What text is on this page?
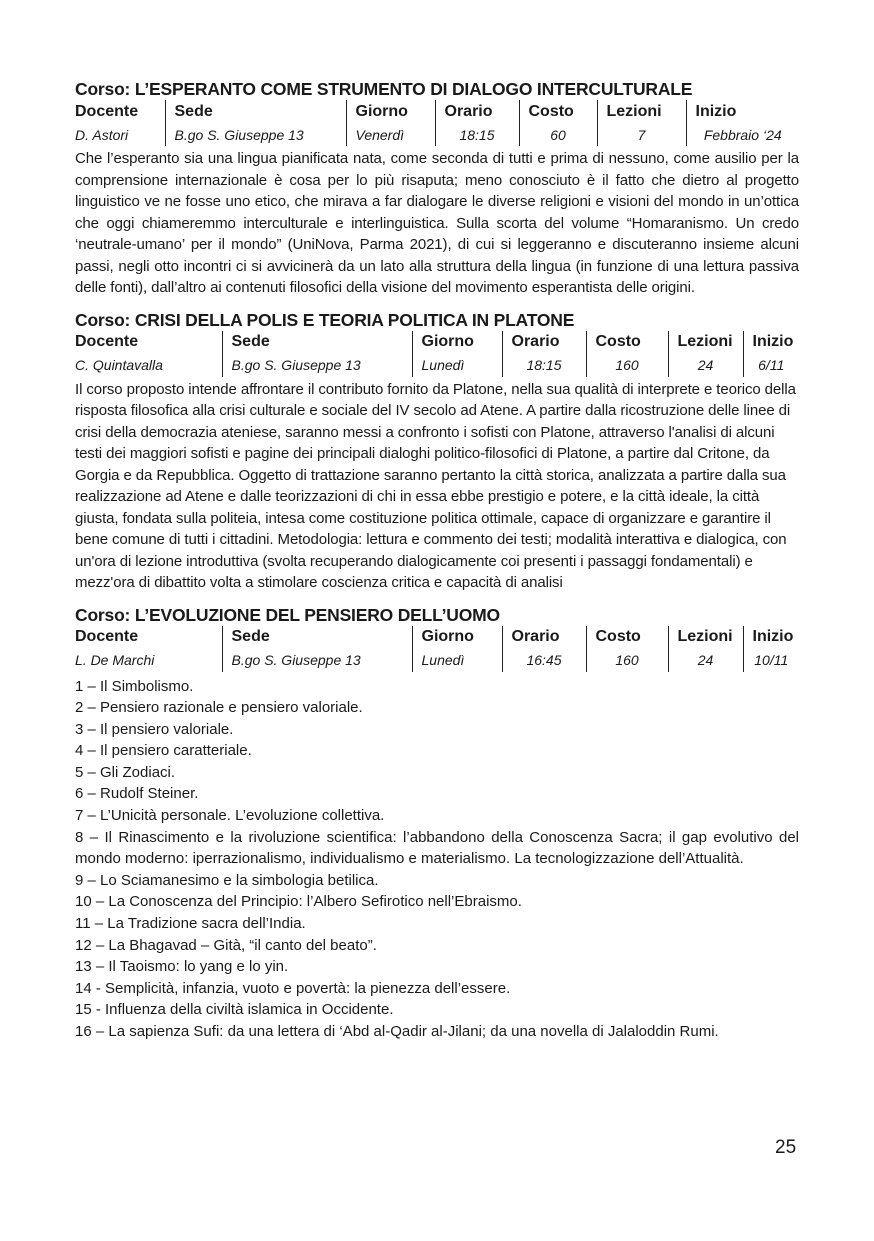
Corso: L’ESPERANTO COME STRUMENTO DI DIALOGO INTERCULTURALE
Docente	Sede	Giorno	Orario	Costo	Lezioni	Inizio
D. Astori	B.go S. Giuseppe 13	Venerdì	18:15	60	7	Febbraio ‘24
Che l’esperanto sia una lingua pianificata nata, come seconda di tutti e prima di nessuno, come ausilio per la comprensione internazionale è cosa per lo più risaputa; meno conosciuto è il fatto che dietro al progetto linguistico ve ne fosse uno etico, che mirava a far dialogare le diverse religioni e visioni del mondo in un’ottica che oggi chiameremmo interculturale e interlinguistica. Sulla scorta del volume “Homaranismo. Un credo ‘neutrale-umano’ per il mondo” (UniNova, Parma 2021), di cui si leggeranno e discuteranno insieme alcuni passi, negli otto incontri ci si avvicinerà da un lato alla struttura della lingua (in funzione di una lettura passiva delle fonti), dall’altro ai contenuti filosofici della visione del movimento esperantista delle origini.
Corso: CRISI DELLA POLIS E TEORIA POLITICA IN PLATONE
Docente	Sede	Giorno	Orario	Costo	Lezioni	Inizio
C. Quintavalla	B.go S. Giuseppe 13	Lunedì	18:15	160	24	6/11
Il corso proposto intende affrontare il contributo fornito da Platone, nella sua qualità di interprete e teorico della risposta filosofica alla crisi culturale e sociale del IV secolo ad Atene. A partire dalla ricostruzione delle linee di crisi della democrazia ateniese, saranno messi a confronto i sofisti con Platone, attraverso l'analisi di alcuni testi dei maggiori sofisti e pagine dei principali dialoghi politico-filosofici di Platone, a partire dal Critone, da Gorgia e da Repubblica. Oggetto di trattazione saranno pertanto la città storica, analizzata a partire dalla sua realizzazione ad Atene e dalle teorizzazioni di chi in essa ebbe prestigio e potere, e la città ideale, la città giusta, fondata sulla politeia, intesa come costituzione politica ottimale, capace di organizzare e garantire il bene comune di tutti i cittadini. Metodologia: lettura e commento dei testi; modalità interattiva e dialogica, con un'ora di lezione introduttiva (svolta recuperando dialogicamente coi presenti i passaggi fondamentali) e mezz'ora di dibattito volta a stimolare coscienza critica e capacità di analisi
Corso: L’EVOLUZIONE DEL PENSIERO DELL’UOMO
Docente	Sede	Giorno	Orario	Costo	Lezioni	Inizio
L. De Marchi	B.go S. Giuseppe 13	Lunedì	16:45	160	24	10/11
1 – Il Simbolismo.
2 – Pensiero razionale e pensiero valoriale.
3 – Il pensiero valoriale.
4 – Il pensiero caratteriale.
5 – Gli Zodiaci.
6 – Rudolf Steiner.
7 – L’Unicità personale. L’evoluzione collettiva.
8 – Il Rinascimento e la rivoluzione scientifica: l’abbandono della Conoscenza Sacra; il gap evolutivo del mondo moderno: iperrazionalismo, individualismo e materialismo. La tecnologizzazione dell’Attualità.
9 – Lo Sciamanesimo e la simbologia betilica.
10 – La Conoscenza del Principio: l’Albero Sefirotico nell’Ebraismo.
11 – La Tradizione sacra dell’India.
12 – La Bhagavad – Gità, “il canto del beato”.
13 – Il Taoismo: lo yang e lo yin.
14 - Semplicità, infanzia, vuoto e povertà: la pienezza dell’essere.
15 - Influenza della civiltà islamica in Occidente.
16 – La sapienza Sufi: da una lettera di ‘Abd al-Qadir al-Jilani; da una novella di Jalaloddin Rumi.
25
